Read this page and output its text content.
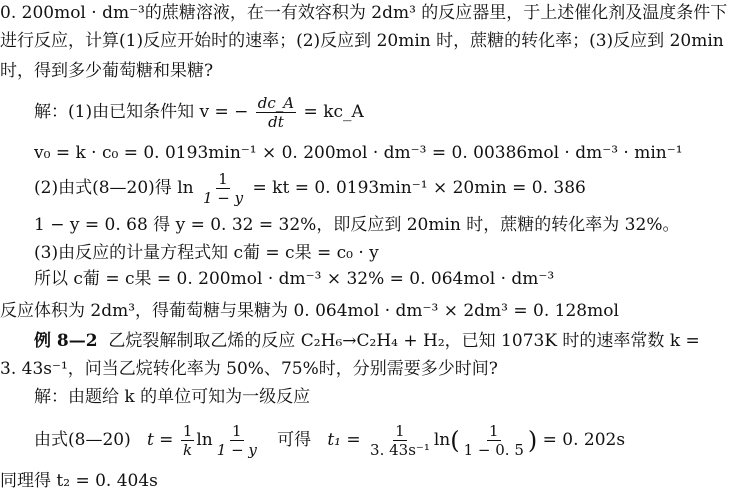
0. 200mol · dm⁻³的蔗糖溶液，在一有效容积为 2dm³ 的反应器里，于上述催化剂及温度条件下
进行反应，计算(1)反应开始时的速率；(2)反应到 20min 时，蔗糖的转化率；(3)反应到 20min
时，得到多少葡萄糖和果糖?
解：(1)由已知条件知 v = − $\frac{dc\_A}{dt}$ = kc_A
v₀ = k · c₀ = 0. 0193min⁻¹ × 0. 200mol · dm⁻³ = 0. 00386mol · dm⁻³ · min⁻¹
(2)由式(8—20)得 $\ln \frac{1}{1 - y}$ = kt = 0. 0193min⁻¹ × 20min = 0. 386
1 − y = 0. 68 得 y = 0. 32 = 32%，即反应到 20min 时，蔗糖的转化率为 32%。
(3)由反应的计量方程式知 c葡 = c果 = c₀ · y
所以 c葡 = c果 = 0. 200mol · dm⁻³ × 32% = 0. 064mol · dm⁻³
反应体积为 2dm³，得葡萄糖与果糖为 0. 064mol · dm⁻³ × 2dm³ = 0. 128mol
例 8—2 乙烷裂解制取乙烯的反应 C₂H₆→C₂H₄ + H₂，已知 1073K 时的速率常数 k =
3. 43s⁻¹，问当乙烷转化率为 50%、75%时，分别需要多少时间?
解：由题给 k 的单位可知为一级反应
由式(8—20) $t = \frac{1}{k}$ $\ln \frac{1}{1 - y}$ 可得 $t_1 = \frac{1}{\text{3. 43s⁻¹}} \ln( \frac{1}{1 - 0. 5}$ ) = 0. 202s
同理得 t₂ = 0. 404s
